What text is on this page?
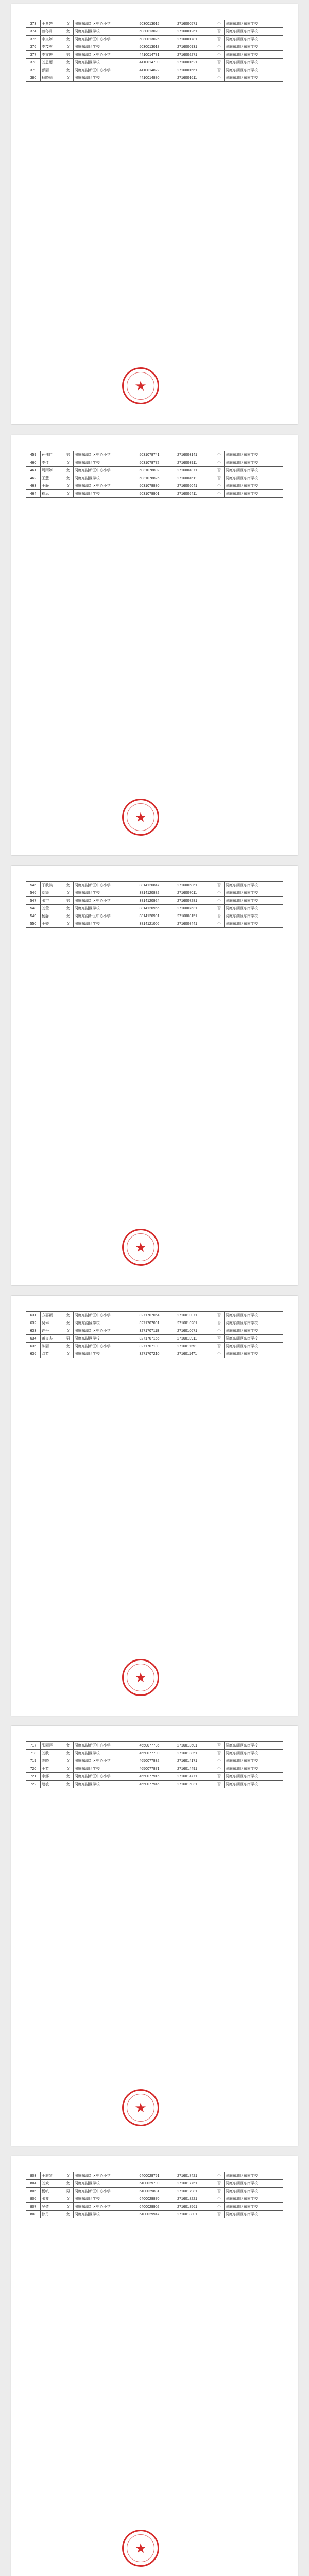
373	王燕婷	女	洞庭东湖新区中心小学	5030013015	2716000571	否	洞庭东湖区东南学校
374	曾冬月	女	洞庭东湖区学校	5030013020	2716001261	否	洞庭东湖区东南学校
375	李文婷	女	洞庭东湖新区中心小学	5030013026	2716001781	否	洞庭东湖区东南学校
376	李茂英	女	洞庭东湖区学校	5030013018	2716000931	否	洞庭东湖区东南学校
377	李文俊	男	洞庭东湖新区中心小学	4410014781	2716002271	否	洞庭东湖区东南学校
378	刘思雨	女	洞庭东湖区学校	4410014790	2716001621	否	洞庭东湖区东南学校
379	彭丽	女	洞庭东湖新区中心小学	4410014822	2716001561	否	洞庭东湖区东南学校
380	杨晓丽	女	洞庭东湖区学校	4410014880	2716001611	否	洞庭东湖区东南学校
★
459	孙伟佳	男	洞庭东湖新区中心小学	5031078741	2716003141	否	洞庭东湖区东南学校
460	李佳	女	洞庭东湖区学校	5031078772	2716003911	否	洞庭东湖区东南学校
461	周雨婷	女	洞庭东湖新区中心小学	5031078802	2716004371	否	洞庭东湖区东南学校
462	王慧	女	洞庭东湖区学校	5031078825	2716004511	否	洞庭东湖区东南学校
463	王静	女	洞庭东湖新区中心小学	5031078880	2716005041	否	洞庭东湖区东南学校
464	程思	女	洞庭东湖区学校	5031078901	2716005411	否	洞庭东湖区东南学校
★
545	丁欣然	女	洞庭东湖新区中心小学	3814120847	2716006861	否	洞庭东湖区东南学校
546	刘颖	女	洞庭东湖区学校	3814120882	2716007011	否	洞庭东湖区东南学校
547	张宇	男	洞庭东湖新区中心小学	3814120924	2716007281	否	洞庭东湖区东南学校
548	刘莹	女	洞庭东湖区学校	3814120966	2716007631	否	洞庭东湖区东南学校
549	杨静	女	洞庭东湖新区中心小学	3814120991	2716008151	否	洞庭东湖区东南学校
550	王婷	女	洞庭东湖区学校	3814121006	2716008441	否	洞庭东湖区东南学校
★
631	方嘉颖	女	洞庭东湖新区中心小学	3271707054	2716010071	否	洞庭东湖区东南学校
632	吴琳	女	洞庭东湖区学校	3271707091	2716010281	否	洞庭东湖区东南学校
633	许丹	女	洞庭东湖新区中心小学	3271707118	2716010671	否	洞庭东湖区东南学校
634	黄文杰	男	洞庭东湖区学校	3271707155	2716010911	否	洞庭东湖区东南学校
635	陈丽	女	洞庭东湖新区中心小学	3271707189	2716011251	否	洞庭东湖区东南学校
636	邓芳	女	洞庭东湖区学校	3271707210	2716011471	否	洞庭东湖区东南学校
★
717	张丽萍	女	洞庭东湖新区中心小学	4650077736	2716013601	否	洞庭东湖区东南学校
718	刘欣	女	洞庭东湖区学校	4650077790	2716013851	否	洞庭东湖区东南学校
719	陈晓	女	洞庭东湖新区中心小学	4650077832	2716014171	否	洞庭东湖区东南学校
720	王芳	女	洞庭东湖区学校	4650077871	2716014491	否	洞庭东湖区东南学校
721	李娜	女	洞庭东湖新区中心小学	4650077915	2716014771	否	洞庭东湖区东南学校
722	赵敏	女	洞庭东湖区学校	4650077946	2716015031	否	洞庭东湖区东南学校
★
803	王雅琴	女	洞庭东湖新区中心小学	6400029751	2716017421	否	洞庭东湖区东南学校
804	刘欢	女	洞庭东湖区学校	6400029790	2716017751	否	洞庭东湖区东南学校
805	杨帆	男	洞庭东湖新区中心小学	6400029831	2716017981	否	洞庭东湖区东南学校
806	张琴	女	洞庭东湖区学校	6400029870	2716018221	否	洞庭东湖区东南学校
807	吴倩	女	洞庭东湖新区中心小学	6400029902	2716018561	否	洞庭东湖区东南学校
808	徐丹	女	洞庭东湖区学校	6400029947	2716018801	否	洞庭东湖区东南学校
★
